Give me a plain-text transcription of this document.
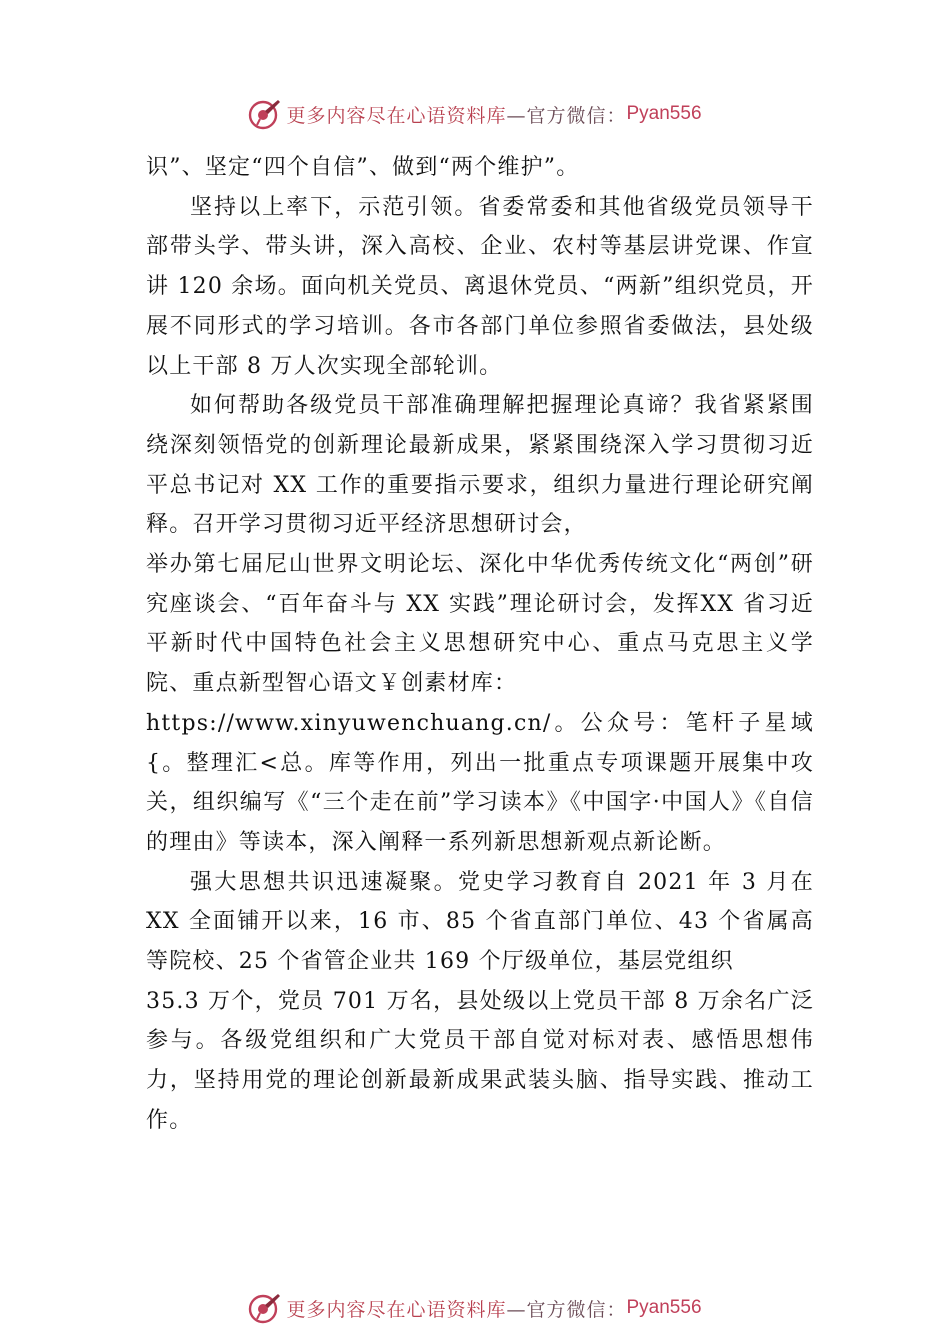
更多内容尽在心语资料库 —官方微信： Pyan556

识”、坚定“四个自信”、做到“两个维护”。

坚持以上率下，示范引领。省委常委和其他省级党员领导干部带头学、带头讲，深入高校、企业、农村等基层讲党课、作宣讲 120 余场。面向机关党员、离退休党员、“两新”组织党员，开展不同形式的学习培训。各市各部门单位参照省委做法，县处级以上干部 8 万人次实现全部轮训。

如何帮助各级党员干部准确理解把握理论真谛？我省紧紧围绕深刻领悟党的创新理论最新成果，紧紧围绕深入学习贯彻习近平总书记对 XX 工作的重要指示要求，组织力量进行理论研究阐释。召开学习贯彻习近平经济思想研讨会，

举办第七届尼山世界文明论坛、深化中华优秀传统文化“两创”研究座谈会、“百年奋斗与 XX 实践”理论研讨会，发挥XX 省习近平新时代中国特色社会主义思想研究中心、重点马克思主义学院、重点新型智心语文￥创素材库：

https://www.xinyuwenchuang.cn/。公众号：笔杆子星域{。整理汇<总。库等作用，列出一批重点专项课题开展集中攻关，组织编写《“三个走在前”学习读本》《中国字·中国人》《自信的理由》等读本，深入阐释一系列新思想新观点新论断。

强大思想共识迅速凝聚。党史学习教育自 2021 年 3 月在 XX 全面铺开以来，16 市、85 个省直部门单位、43 个省属高等院校、25 个省管企业共 169 个厅级单位，基层党组织

35.3 万个，党员 701 万名，县处级以上党员干部 8 万余名广泛参与。各级党组织和广大党员干部自觉对标对表、感悟思想伟力，坚持用党的理论创新最新成果武装头脑、指导实践、推动工作。

更多内容尽在心语资料库 —官方微信： Pyan556
